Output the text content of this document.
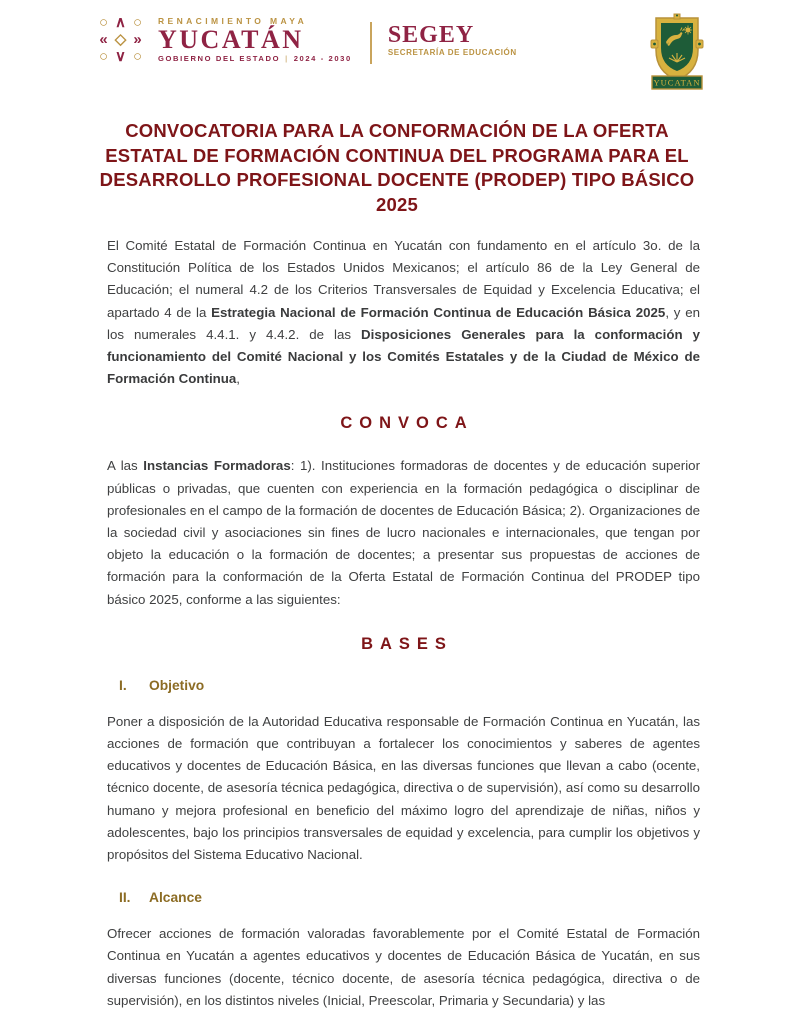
○ ∧ ○
« ◇ »
○ ∨ ○
RENACIMIENTO MAYA
YUCATÁN
GOBIERNO DEL ESTADO | 2024 - 2030
SEGEY
SECRETARÍA DE EDUCACIÓN
YUCATAN
CONVOCATORIA PARA LA CONFORMACIÓN DE LA OFERTA
ESTATAL DE FORMACIÓN CONTINUA DEL PROGRAMA PARA EL
DESARROLLO PROFESIONAL DOCENTE (PRODEP) TIPO BÁSICO
2025

El Comité Estatal de Formación Continua en Yucatán con fundamento en el artículo 3o. de la Constitución Política de los Estados Unidos Mexicanos; el artículo 86 de la Ley General de Educación; el numeral 4.2 de los Criterios Transversales de Equidad y Excelencia Educativa; el apartado 4 de la Estrategia Nacional de Formación Continua de Educación Básica 2025, y en los numerales 4.4.1. y 4.4.2. de las Disposiciones Generales para la conformación y funcionamiento del Comité Nacional y los Comités Estatales y de la Ciudad de México de Formación Continua,

CONVOCA

A las Instancias Formadoras: 1). Instituciones formadoras de docentes y de educación superior públicas o privadas, que cuenten con experiencia en la formación pedagógica o disciplinar de profesionales en el campo de la formación de docentes de Educación Básica; 2). Organizaciones de la sociedad civil y asociaciones sin fines de lucro nacionales e internacionales, que tengan por objeto la educación o la formación de docentes; a presentar sus propuestas de acciones de formación para la conformación de la Oferta Estatal de Formación Continua del PRODEP tipo básico 2025, conforme a las siguientes:

BASES
I.	Objetivo

Poner a disposición de la Autoridad Educativa responsable de Formación Continua en Yucatán, las acciones de formación que contribuyan a fortalecer los conocimientos y saberes de agentes educativos y docentes de Educación Básica, en las diversas funciones que llevan a cabo (ocente, técnico docente, de asesoría técnica pedagógica, directiva o de supervisión), así como su desarrollo humano y mejora profesional en beneficio del máximo logro del aprendizaje de niñas, niños y adolescentes, bajo los principios transversales de equidad y excelencia, para cumplir los objetivos y propósitos del Sistema Educativo Nacional.

II.	Alcance

Ofrecer acciones de formación valoradas favorablemente por el Comité Estatal de Formación Continua en Yucatán a agentes educativos y docentes de Educación Básica de Yucatán, en sus diversas funciones (docente, técnico docente, de asesoría técnica pedagógica, directiva o de supervisión), en los distintos niveles (Inicial, Preescolar, Primaria y Secundaria) y las
